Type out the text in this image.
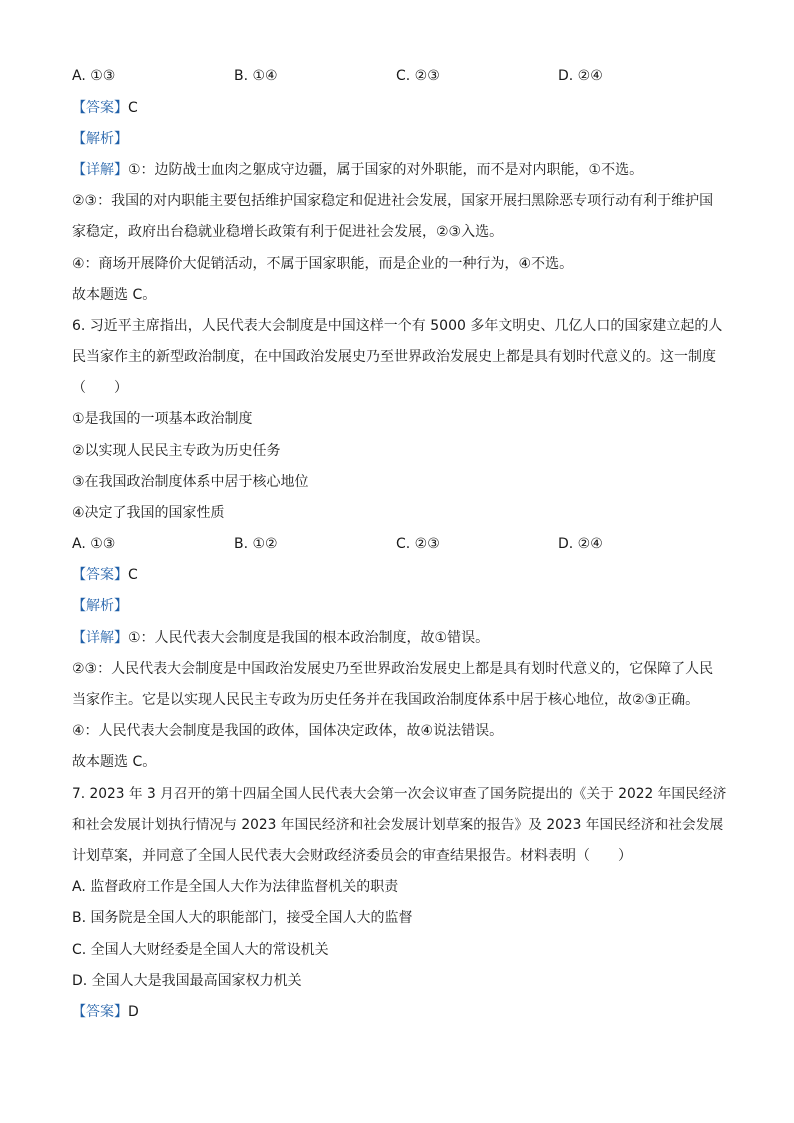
A. ①③	B. ①④	C. ②③	D. ②④
【答案】C
【解析】
【详解】①：边防战士血肉之躯成守边疆，属于国家的对外职能，而不是对内职能，①不选。
②③：我国的对内职能主要包括维护国家稳定和促进社会发展，国家开展扫黑除恶专项行动有利于维护国
家稳定，政府出台稳就业稳增长政策有利于促进社会发展，②③入选。
④：商场开展降价大促销活动，不属于国家职能，而是企业的一种行为，④不选。
故本题选 C。
6. 习近平主席指出，人民代表大会制度是中国这样一个有 5000 多年文明史、几亿人口的国家建立起的人
民当家作主的新型政治制度，在中国政治发展史乃至世界政治发展史上都是具有划时代意义的。这一制度
（　　）
①是我国的一项基本政治制度
②以实现人民民主专政为历史任务
③在我国政治制度体系中居于核心地位
④决定了我国的国家性质
A. ①③	B. ①②	C. ②③	D. ②④
【答案】C
【解析】
【详解】①：人民代表大会制度是我国的根本政治制度，故①错误。
②③：人民代表大会制度是中国政治发展史乃至世界政治发展史上都是具有划时代意义的，它保障了人民
当家作主。它是以实现人民民主专政为历史任务并在我国政治制度体系中居于核心地位，故②③正确。
④：人民代表大会制度是我国的政体，国体决定政体，故④说法错误。
故本题选 C。
7. 2023 年 3 月召开的第十四届全国人民代表大会第一次会议审查了国务院提出的《关于 2022 年国民经济
和社会发展计划执行情况与 2023 年国民经济和社会发展计划草案的报告》及 2023 年国民经济和社会发展
计划草案，并同意了全国人民代表大会财政经济委员会的审查结果报告。材料表明（　　）
A. 监督政府工作是全国人大作为法律监督机关的职责
B. 国务院是全国人大的职能部门，接受全国人大的监督
C. 全国人大财经委是全国人大的常设机关
D. 全国人大是我国最高国家权力机关
【答案】D
